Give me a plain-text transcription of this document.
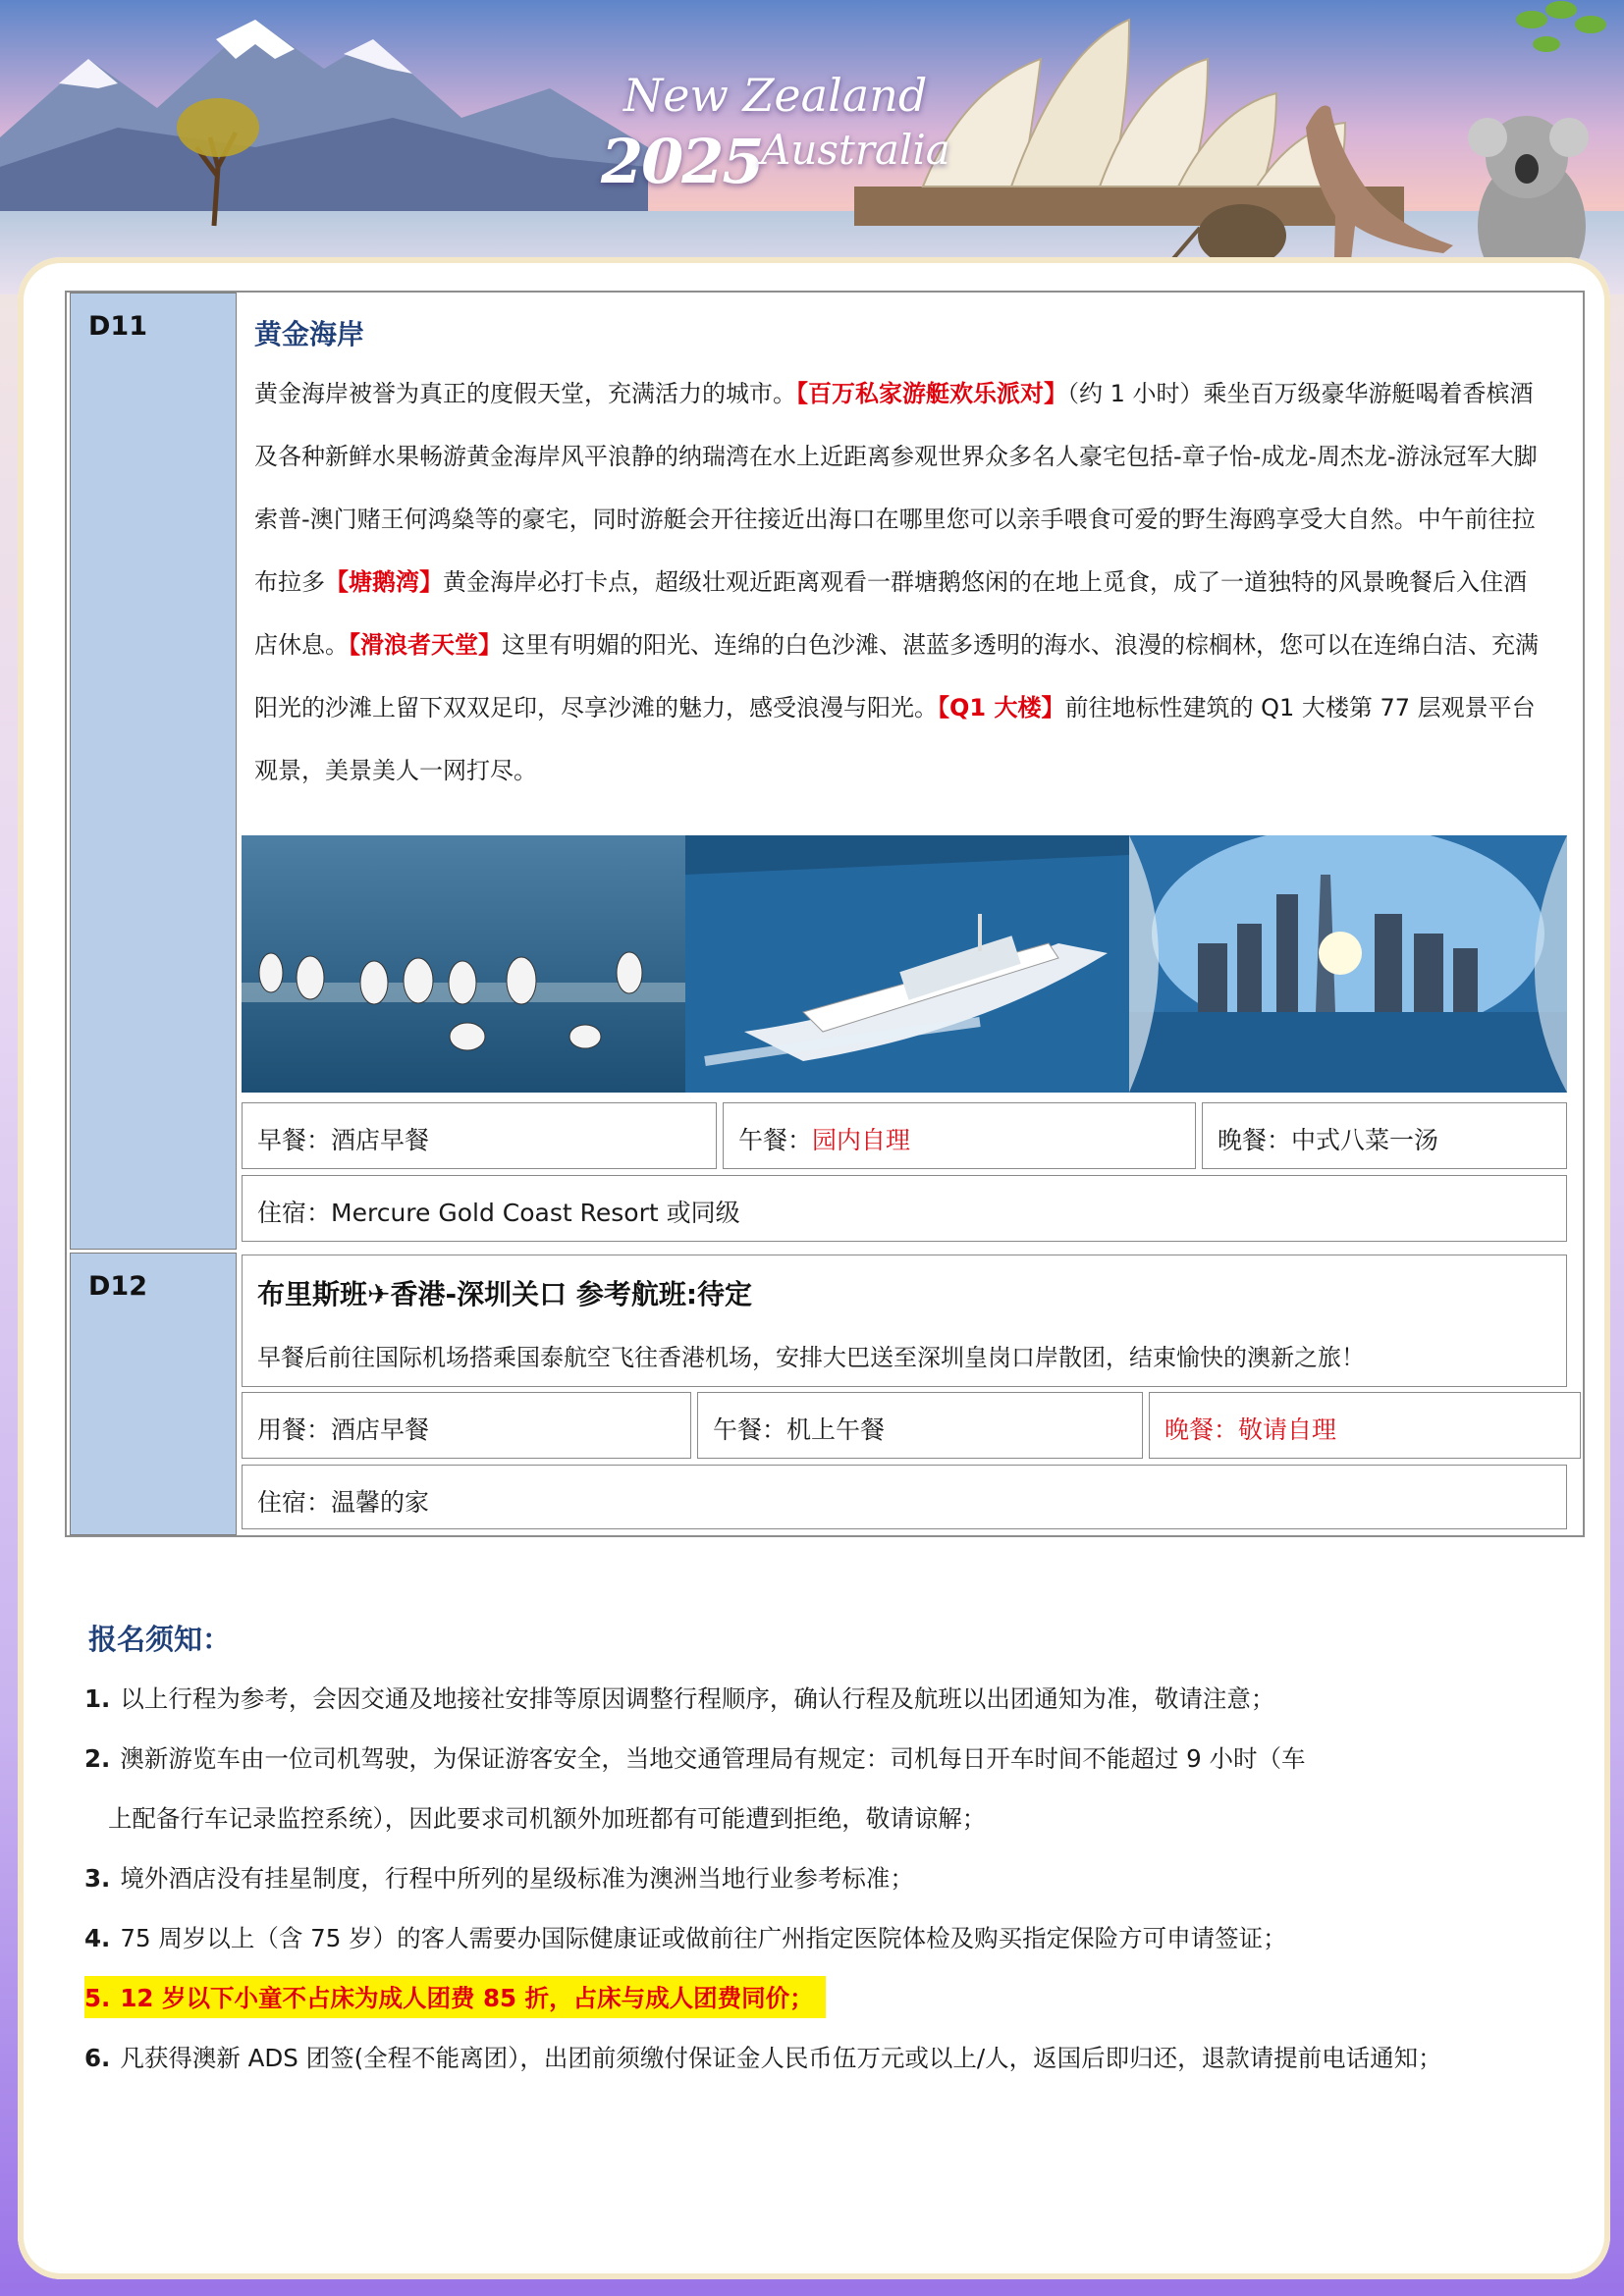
New Zealand
2025
Australia
D11	黄金海岸
黄金海岸被誉为真正的度假天堂，充满活力的城市。【百万私家游艇欢乐派对】（约 1 小时）乘坐百万级豪华游艇喝着香槟酒及各种新鲜水果畅游黄金海岸风平浪静的纳瑞湾在水上近距离参观世界众多名人豪宅包括-章子怡-成龙-周杰龙-游泳冠军大脚索普-澳门赌王何鸿燊等的豪宅，同时游艇会开往接近出海口在哪里您可以亲手喂食可爱的野生海鸥享受大自然。中午前往拉布拉多【塘鹅湾】黄金海岸必打卡点，超级壮观近距离观看一群塘鹅悠闲的在地上觅食，成了一道独特的风景晚餐后入住酒店休息。【滑浪者天堂】这里有明媚的阳光、连绵的白色沙滩、湛蓝多透明的海水、浪漫的棕榈林，您可以在连绵白洁、充满阳光的沙滩上留下双双足印，尽享沙滩的魅力，感受浪漫与阳光。【Q1 大楼】前往地标性建筑的 Q1 大楼第 77 层观景平台观景，美景美人一网打尽。
早餐：酒店早餐	午餐：园内自理	晚餐：中式八菜一汤
住宿：Mercure Gold Coast Resort 或同级
D12	布里斯班✈香港-深圳关口 参考航班:待定
早餐后前往国际机场搭乘国泰航空飞往香港机场，安排大巴送至深圳皇岗口岸散团，结束愉快的澳新之旅！
用餐：酒店早餐	午餐：机上午餐	晚餐：敬请自理
住宿：温馨的家
报名须知：
1. 以上行程为参考，会因交通及地接社安排等原因调整行程顺序，确认行程及航班以出团通知为准，敬请注意；
2. 澳新游览车由一位司机驾驶，为保证游客安全，当地交通管理局有规定：司机每日开车时间不能超过 9 小时（车
上配备行车记录监控系统），因此要求司机额外加班都有可能遭到拒绝，敬请谅解；
3. 境外酒店没有挂星制度，行程中所列的星级标准为澳洲当地行业参考标准；
4. 75 周岁以上（含 75 岁）的客人需要办国际健康证或做前往广州指定医院体检及购买指定保险方可申请签证；
5. 12 岁以下小童不占床为成人团费 85 折，占床与成人团费同价；
6. 凡获得澳新 ADS 团签(全程不能离团），出团前须缴付保证金人民币伍万元或以上/人，返国后即归还，退款请提前电话通知；
